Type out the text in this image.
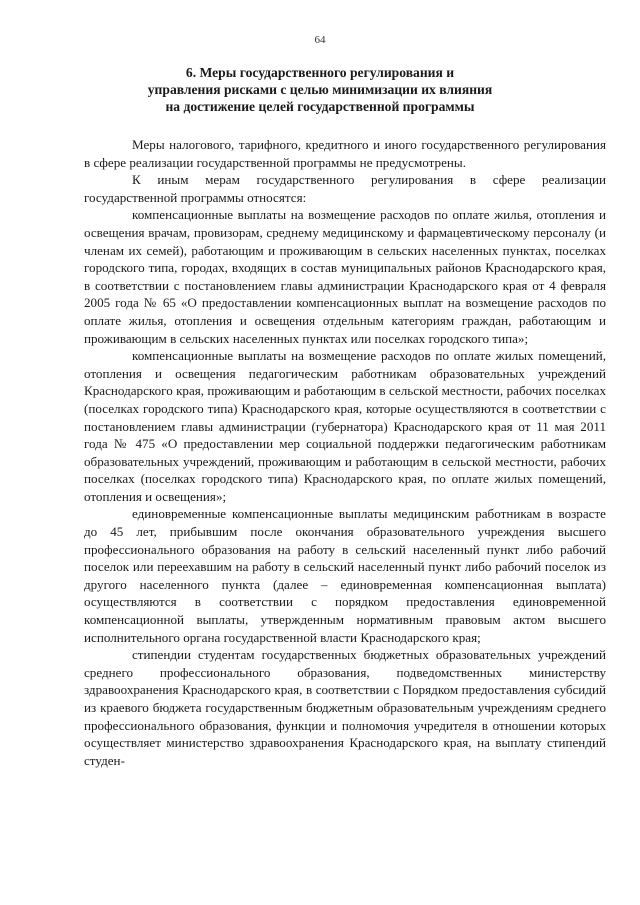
64
6. Меры государственного регулирования и
управления рисками с целью минимизации их влияния
на достижение целей государственной программы

Меры налогового, тарифного, кредитного и иного государственного регулирования в сфере реализации государственной программы не предусмотрены.

К иным мерам государственного регулирования в сфере реализации государственной программы относятся:

компенсационные выплаты на возмещение расходов по оплате жилья, отопления и освещения врачам, провизорам, среднему медицинскому и фармацевтическому персоналу (и членам их семей), работающим и проживающим в сельских населенных пунктах, поселках городского типа, городах, входящих в состав муниципальных районов Краснодарского края, в соответствии с постановлением главы администрации Краснодарского края от 4 февраля 2005 года № 65 «О предоставлении компенсационных выплат на возмещение расходов по оплате жилья, отопления и освещения отдельным категориям граждан, работающим и проживающим в сельских населенных пунктах или поселках городского типа»;

компенсационные выплаты на возмещение расходов по оплате жилых помещений, отопления и освещения педагогическим работникам образовательных учреждений Краснодарского края, проживающим и работающим в сельской местности, рабочих поселках (поселках городского типа) Краснодарского края, которые осуществляются в соответствии с постановлением главы администрации (губернатора) Краснодарского края от 11 мая 2011 года № 475 «О предоставлении мер социальной поддержки педагогическим работникам образовательных учреждений, проживающим и работающим в сельской местности, рабочих поселках (поселках городского типа) Краснодарского края, по оплате жилых помещений, отопления и освещения»;

единовременные компенсационные выплаты медицинским работникам в возрасте до 45 лет, прибывшим после окончания образовательного учреждения высшего профессионального образования на работу в сельский населенный пункт либо рабочий поселок или переехавшим на работу в сельский населенный пункт либо рабочий поселок из другого населенного пункта (далее – единовременная компенсационная выплата) осуществляются в соответствии с порядком предоставления единовременной компенсационной выплаты, утвержденным нормативным правовым актом высшего исполнительного органа государственной власти Краснодарского края;

стипендии студентам государственных бюджетных образовательных учреждений среднего профессионального образования, подведомственных министерству здравоохранения Краснодарского края, в соответствии с Порядком предоставления субсидий из краевого бюджета государственным бюджетным образовательным учреждениям среднего профессионального образования, функции и полномочия учредителя в отношении которых осуществляет министерство здравоохранения Краснодарского края, на выплату стипендий студен-
